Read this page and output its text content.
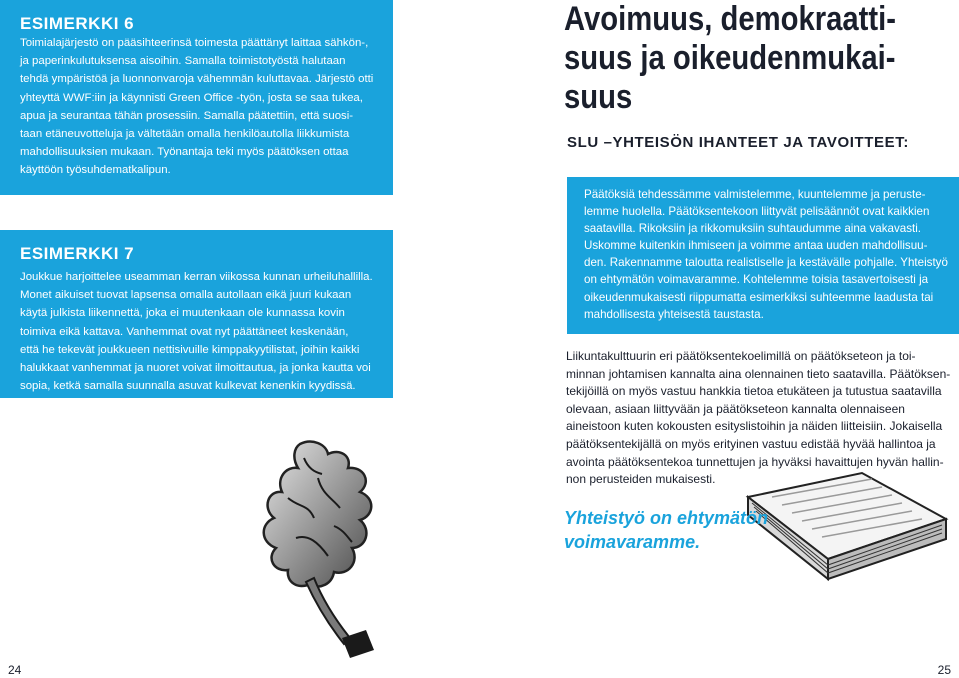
ESIMERKKI 6
Toimialajärjestö on pääsihteerinsä toimesta päättänyt laittaa sähkön-,
ja paperinkulutuksensa aisoihin. Samalla toimistotyöstä halutaan
tehdä ympäristöä ja luonnonvaroja vähemmän kuluttavaa. Järjestö otti
yhteyttä WWF:iin ja käynnisti Green Office -työn, josta se saa tukea,
apua ja seurantaa tähän prosessiin. Samalla päätettiin, että suosi-
taan etäneuvotteluja ja vältetään omalla henkilöautolla liikkumista
mahdollisuuksien mukaan. Työnantaja teki myös päätöksen ottaa
käyttöön työsuhdematkalipun.
ESIMERKKI 7
Joukkue harjoittelee useamman kerran viikossa kunnan urheiluhallilla.
Monet aikuiset tuovat lapsensa omalla autollaan eikä juuri kukaan
käytä julkista liikennettä, joka ei muutenkaan ole kunnassa kovin
toimiva eikä kattava. Vanhemmat ovat nyt päättäneet keskenään,
että he tekevät joukkueen nettisivuille kimppakyytilistat, joihin kaikki
halukkaat vanhemmat ja nuoret voivat ilmoittautua, ja jonka kautta voi
sopia, ketkä samalla suunnalla asuvat kulkevat kenenkin kyydissä.
Avoimuus, demokraatti-
suus ja oikeudenmukai-
suus
SLU –YHTEISÖN IHANTEET JA TAVOITTEET:
Päätöksiä tehdessämme valmistelemme, kuuntelemme ja peruste-
lemme huolella. Päätöksentekoon liittyvät pelisäännöt ovat kaikkien
saatavilla. Rikoksiin ja rikkomuksiin suhtaudumme aina vakavasti.
Uskomme kuitenkin ihmiseen ja voimme antaa uuden mahdollisuu-
den. Rakennamme taloutta realistiselle ja kestävälle pohjalle. Yhteistyö
on ehtymätön voimavaramme. Kohtelemme toisia tasavertoisesti ja
oikeudenmukaisesti riippumatta esimerkiksi suhteemme laadusta tai
mahdollisesta yhteisestä taustasta.
Liikuntakulttuurin eri päätöksentekoelimillä on päätökseteon ja toi-
minnan johtamisen kannalta aina olennainen tieto saatavilla. Päätöksen-
tekijöillä on myös vastuu hankkia tietoa etukäteen ja tutustua saatavilla
olevaan, asiaan liittyvään ja päätökseteon kannalta olennaiseen
aineistoon kuten kokousten esityslistoihin ja näiden liitteisiin. Jokaisella
päätöksentekijällä on myös erityinen vastuu edistää hyvää hallintoa ja
avointa päätöksentekoa tunnettujen ja hyväksi havaittujen hyvän hallin-
non perusteiden mukaisesti.
Yhteistyö on ehtymätön
voimavaramme.
24	25
